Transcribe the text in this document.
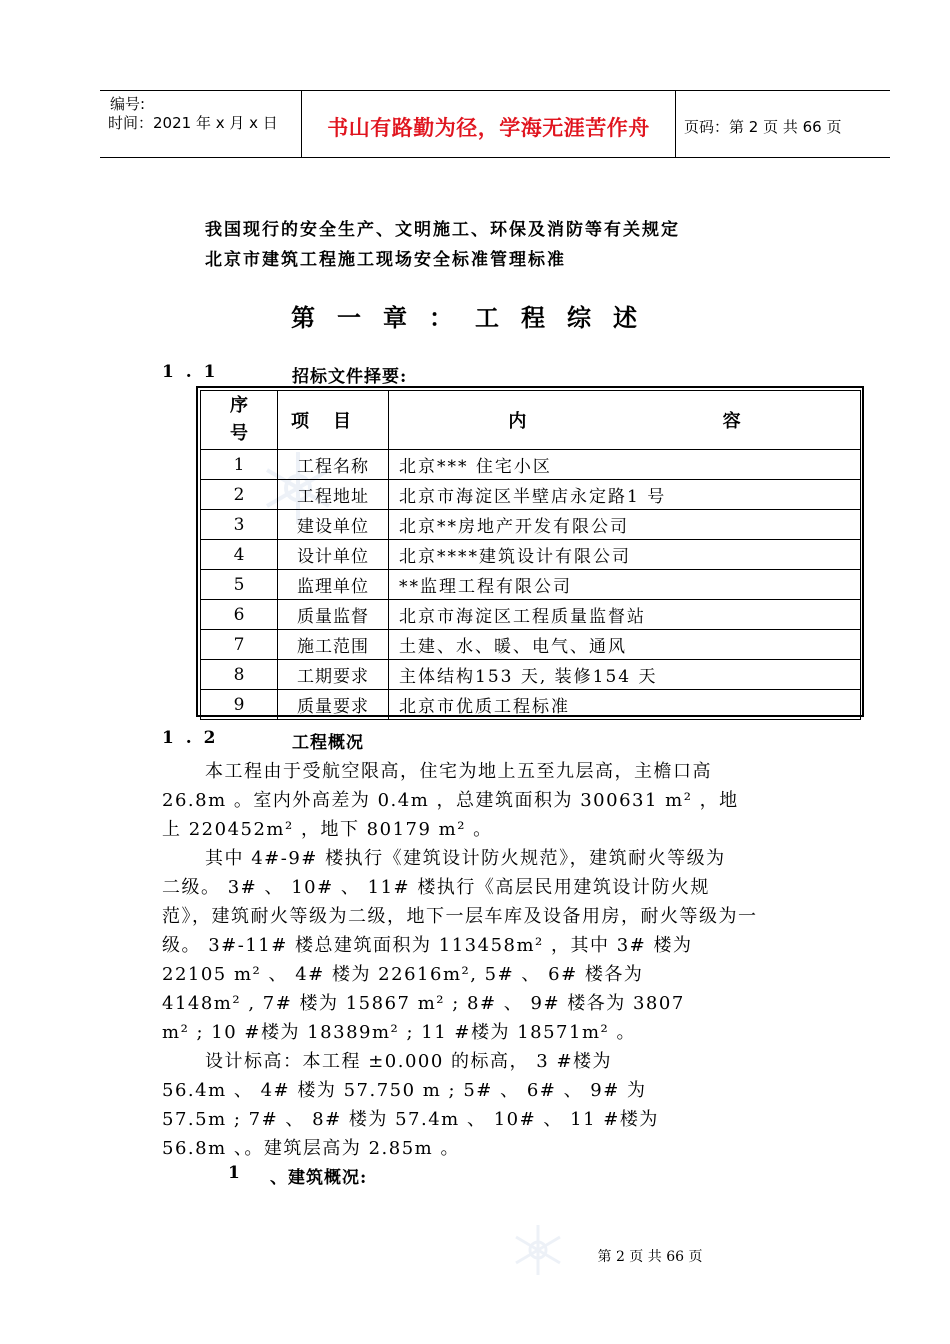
编号:
时间：2021 年 x 月 x 日	书山有路勤为径，学海无涯苦作舟	页码：第 2 页 共 66 页
我国现行的安全生产、文明施工、环保及消防等有关规定
北京市建筑工程施工现场安全标准管理标准
第一章：工程综述
1 . 1	招标文件择要:
序号	项目	内 容
1	工程名称	北京*** 住宅小区
2	工程地址	北京市海淀区半壁店永定路1 号
3	建设单位	北京**房地产开发有限公司
4	设计单位	北京****建筑设计有限公司
5	监理单位	**监理工程有限公司
6	质量监督	北京市海淀区工程质量监督站
7	施工范围	土建、水、暖、电气、通风
8	工期要求	主体结构153 天, 装修154 天
9	质量要求	北京市优质工程标准
1 . 2	工程概况
本工程由于受航空限高，住宅为地上五至九层高，主檐口高
26.8m 。室内外高差为 0.4m ，总建筑面积为 300631 m² ，地
上 220452m² ，地下 80179 m² 。
其中 4#-9# 楼执行《建筑设计防火规范》，建筑耐火等级为
二级。 3# 、 10# 、 11# 楼执行《高层民用建筑设计防火规
范》，建筑耐火等级为二级，地下一层车库及设备用房，耐火等级为一
级。 3#-11# 楼总建筑面积为 113458m² ，其中 3# 楼为
22105 m² 、 4# 楼为 22616m², 5# 、 6# 楼各为
4148m² , 7# 楼为 15867 m² ; 8# 、 9# 楼各为 3807
m² ; 10 #楼为 18389m² ; 11 #楼为 18571m² 。
设计标高：本工程 ±0.000 的标高， 3 #楼为
56.4m 、 4# 楼为 57.750 m ; 5# 、 6# 、 9# 为
57.5m ; 7# 、 8# 楼为 57.4m 、 10# 、 11 #楼为
56.8m 、。建筑层高为 2.85m 。
1 、建筑概况:
第 2 页 共 66 页
